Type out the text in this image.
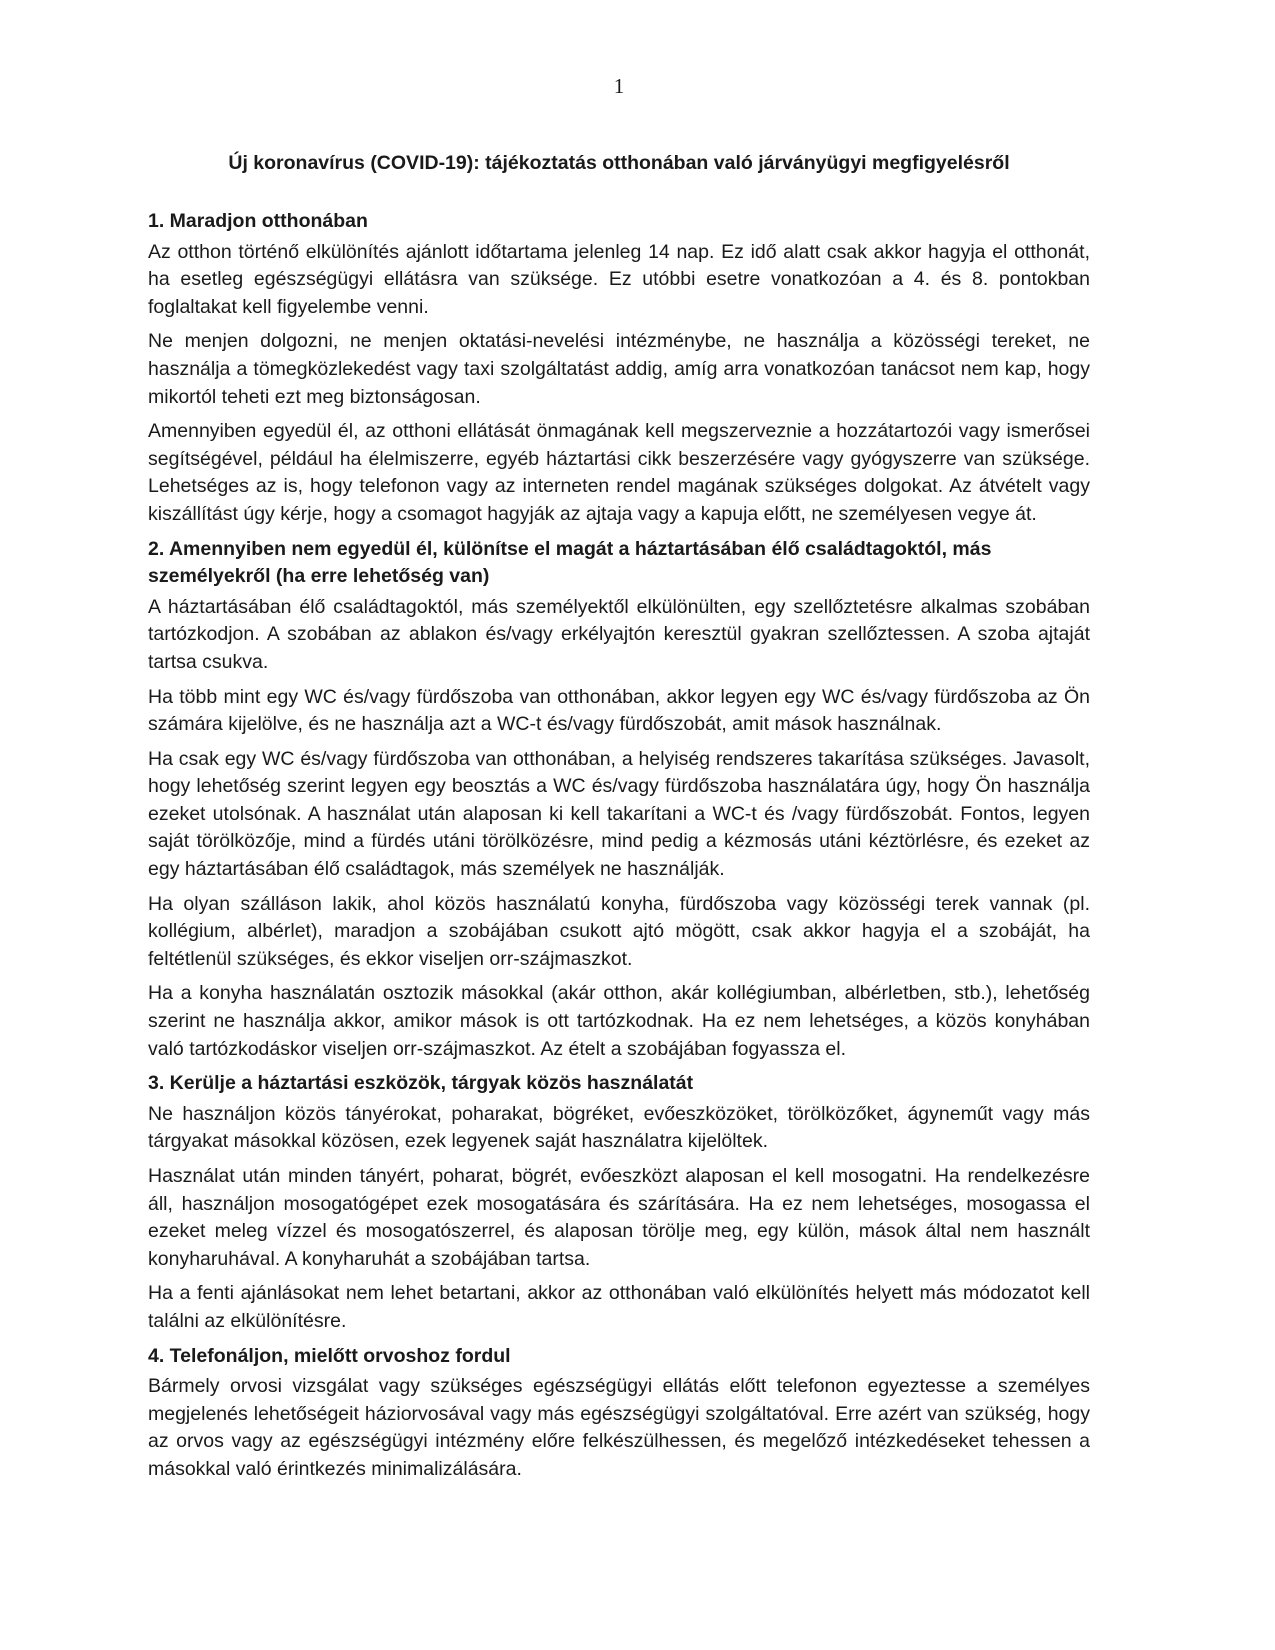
1
Új koronavírus (COVID-19): tájékoztatás otthonában való járványügyi megfigyelésről
1. Maradjon otthonában

Az otthon történő elkülönítés ajánlott időtartama jelenleg 14 nap. Ez idő alatt csak akkor hagyja el otthonát, ha esetleg egészségügyi ellátásra van szüksége. Ez utóbbi esetre vonatkozóan a 4. és 8. pontokban foglaltakat kell figyelembe venni.

Ne menjen dolgozni, ne menjen oktatási-nevelési intézménybe, ne használja a közösségi tereket, ne használja a tömegközlekedést vagy taxi szolgáltatást addig, amíg arra vonatkozóan tanácsot nem kap, hogy mikortól teheti ezt meg biztonságosan.

Amennyiben egyedül él, az otthoni ellátását önmagának kell megszerveznie a hozzátartozói vagy ismerősei segítségével, például ha élelmiszerre, egyéb háztartási cikk beszerzésére vagy gyógyszerre van szüksége. Lehetséges az is, hogy telefonon vagy az interneten rendel magának szükséges dolgokat. Az átvételt vagy kiszállítást úgy kérje, hogy a csomagot hagyják az ajtaja vagy a kapuja előtt, ne személyesen vegye át.

2. Amennyiben nem egyedül él, különítse el magát a háztartásában élő családtagoktól, más személyekről (ha erre lehetőség van)

A háztartásában élő családtagoktól, más személyektől elkülönülten, egy szellőztetésre alkalmas szobában tartózkodjon. A szobában az ablakon és/vagy erkélyajtón keresztül gyakran szellőztessen. A szoba ajtaját tartsa csukva.

Ha több mint egy WC és/vagy fürdőszoba van otthonában, akkor legyen egy WC és/vagy fürdőszoba az Ön számára kijelölve, és ne használja azt a WC-t és/vagy fürdőszobát, amit mások használnak.

Ha csak egy WC és/vagy fürdőszoba van otthonában, a helyiség rendszeres takarítása szükséges. Javasolt, hogy lehetőség szerint legyen egy beosztás a WC és/vagy fürdőszoba használatára úgy, hogy Ön használja ezeket utolsónak. A használat után alaposan ki kell takarítani a WC-t és /vagy fürdőszobát. Fontos, legyen saját törölközője, mind a fürdés utáni törölközésre, mind pedig a kézmosás utáni kéztörlésre, és ezeket az egy háztartásában élő családtagok, más személyek ne használják.

Ha olyan szálláson lakik, ahol közös használatú konyha, fürdőszoba vagy közösségi terek vannak (pl. kollégium, albérlet), maradjon a szobájában csukott ajtó mögött, csak akkor hagyja el a szobáját, ha feltétlenül szükséges, és ekkor viseljen orr-szájmaszkot.

Ha a konyha használatán osztozik másokkal (akár otthon, akár kollégiumban, albérletben, stb.), lehetőség szerint ne használja akkor, amikor mások is ott tartózkodnak. Ha ez nem lehetséges, a közös konyhában való tartózkodáskor viseljen orr-szájmaszkot. Az ételt a szobájában fogyassza el.

3. Kerülje a háztartási eszközök, tárgyak közös használatát

Ne használjon közös tányérokat, poharakat, bögréket, evőeszközöket, törölközőket, ágyneműt vagy más tárgyakat másokkal közösen, ezek legyenek saját használatra kijelöltek.

Használat után minden tányért, poharat, bögrét, evőeszközt alaposan el kell mosogatni. Ha rendelkezésre áll, használjon mosogatógépet ezek mosogatására és szárítására. Ha ez nem lehetséges, mosogassa el ezeket meleg vízzel és mosogatószerrel, és alaposan törölje meg, egy külön, mások által nem használt konyharuhával. A konyharuhát a szobájában tartsa.

Ha a fenti ajánlásokat nem lehet betartani, akkor az otthonában való elkülönítés helyett más módozatot kell találni az elkülönítésre.

4. Telefonáljon, mielőtt orvoshoz fordul

Bármely orvosi vizsgálat vagy szükséges egészségügyi ellátás előtt telefonon egyeztesse a személyes megjelenés lehetőségeit háziorvosával vagy más egészségügyi szolgáltatóval. Erre azért van szükség, hogy az orvos vagy az egészségügyi intézmény előre felkészülhessen, és megelőző intézkedéseket tehessen a másokkal való érintkezés minimalizálására.
